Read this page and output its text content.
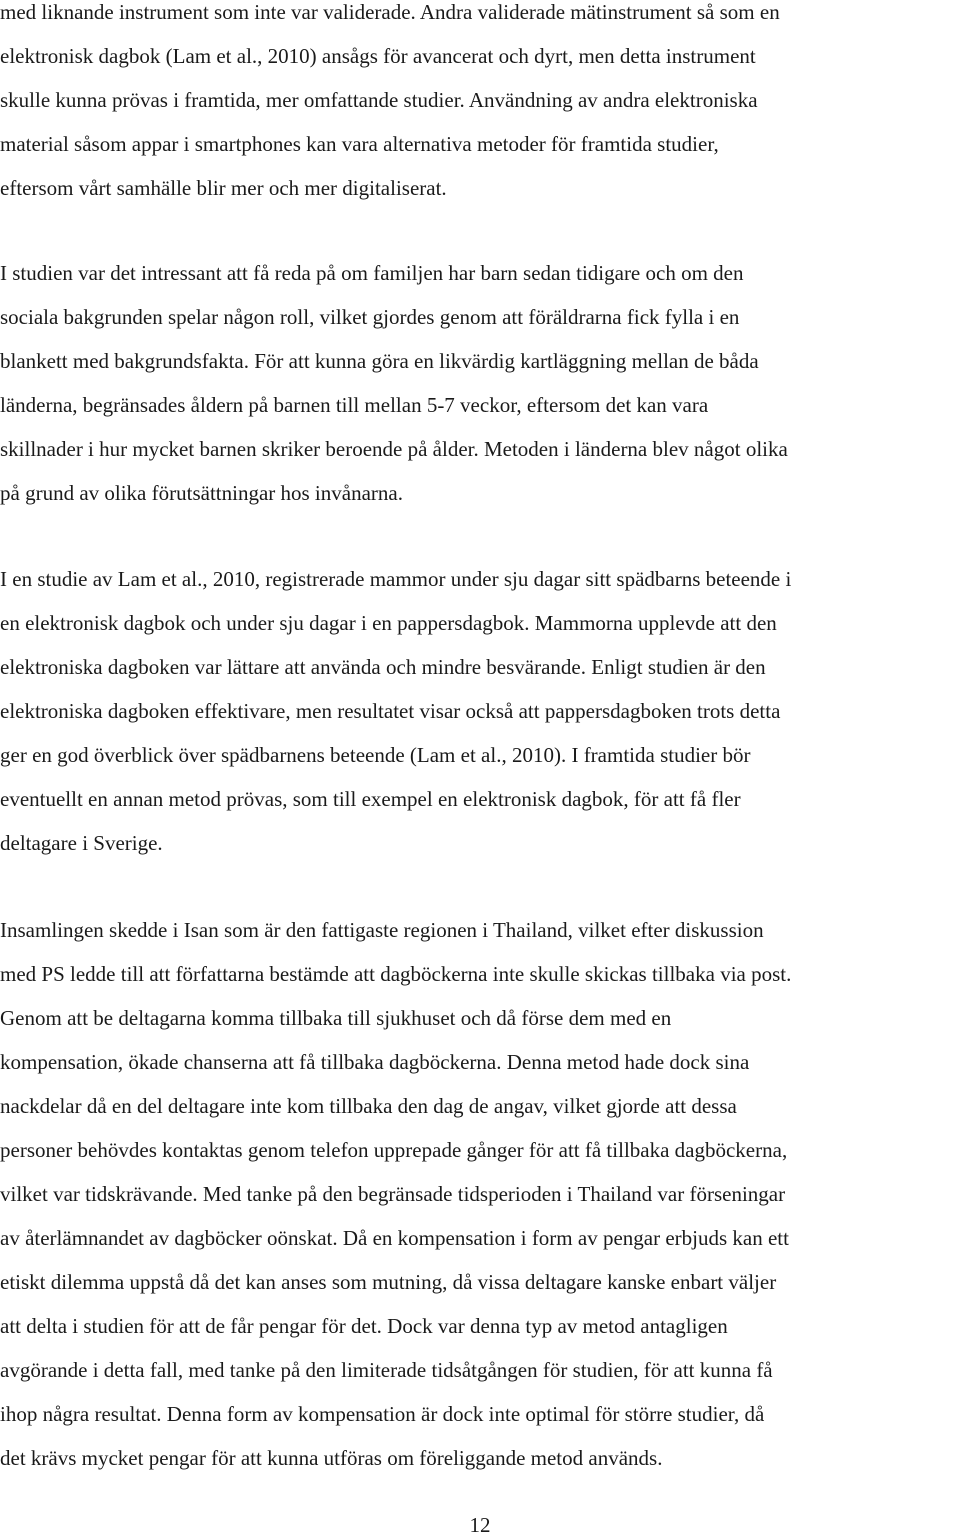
med liknande instrument som inte var validerade. Andra validerade mätinstrument så som en
elektronisk dagbok (Lam et al., 2010) ansågs för avancerat och dyrt, men detta instrument
skulle kunna prövas i framtida, mer omfattande studier. Användning av andra elektroniska
material såsom appar i smartphones kan vara alternativa metoder för framtida studier,
eftersom vårt samhälle blir mer och mer digitaliserat.
I studien var det intressant att få reda på om familjen har barn sedan tidigare och om den
sociala bakgrunden spelar någon roll, vilket gjordes genom att föräldrarna fick fylla i en
blankett med bakgrundsfakta. För att kunna göra en likvärdig kartläggning mellan de båda
länderna, begränsades åldern på barnen till mellan 5-7 veckor, eftersom det kan vara
skillnader i hur mycket barnen skriker beroende på ålder. Metoden i länderna blev något olika
på grund av olika förutsättningar hos invånarna.
I en studie av Lam et al., 2010, registrerade mammor under sju dagar sitt spädbarns beteende i
en elektronisk dagbok och under sju dagar i en pappersdagbok. Mammorna upplevde att den
elektroniska dagboken var lättare att använda och mindre besvärande. Enligt studien är den
elektroniska dagboken effektivare, men resultatet visar också att pappersdagboken trots detta
ger en god överblick över spädbarnens beteende (Lam et al., 2010). I framtida studier bör
eventuellt en annan metod prövas, som till exempel en elektronisk dagbok, för att få fler
deltagare i Sverige.
Insamlingen skedde i Isan som är den fattigaste regionen i Thailand, vilket efter diskussion
med PS ledde till att författarna bestämde att dagböckerna inte skulle skickas tillbaka via post.
Genom att be deltagarna komma tillbaka till sjukhuset och då förse dem med en
kompensation, ökade chanserna att få tillbaka dagböckerna. Denna metod hade dock sina
nackdelar då en del deltagare inte kom tillbaka den dag de angav, vilket gjorde att dessa
personer behövdes kontaktas genom telefon upprepade gånger för att få tillbaka dagböckerna,
vilket var tidskrävande. Med tanke på den begränsade tidsperioden i Thailand var förseningar
av återlämnandet av dagböcker oönskat. Då en kompensation i form av pengar erbjuds kan ett
etiskt dilemma uppstå då det kan anses som mutning, då vissa deltagare kanske enbart väljer
att delta i studien för att de får pengar för det. Dock var denna typ av metod antagligen
avgörande i detta fall, med tanke på den limiterade tidsåtgången för studien, för att kunna få
ihop några resultat. Denna form av kompensation är dock inte optimal för större studier, då
det krävs mycket pengar för att kunna utföras om föreliggande metod används.
12
